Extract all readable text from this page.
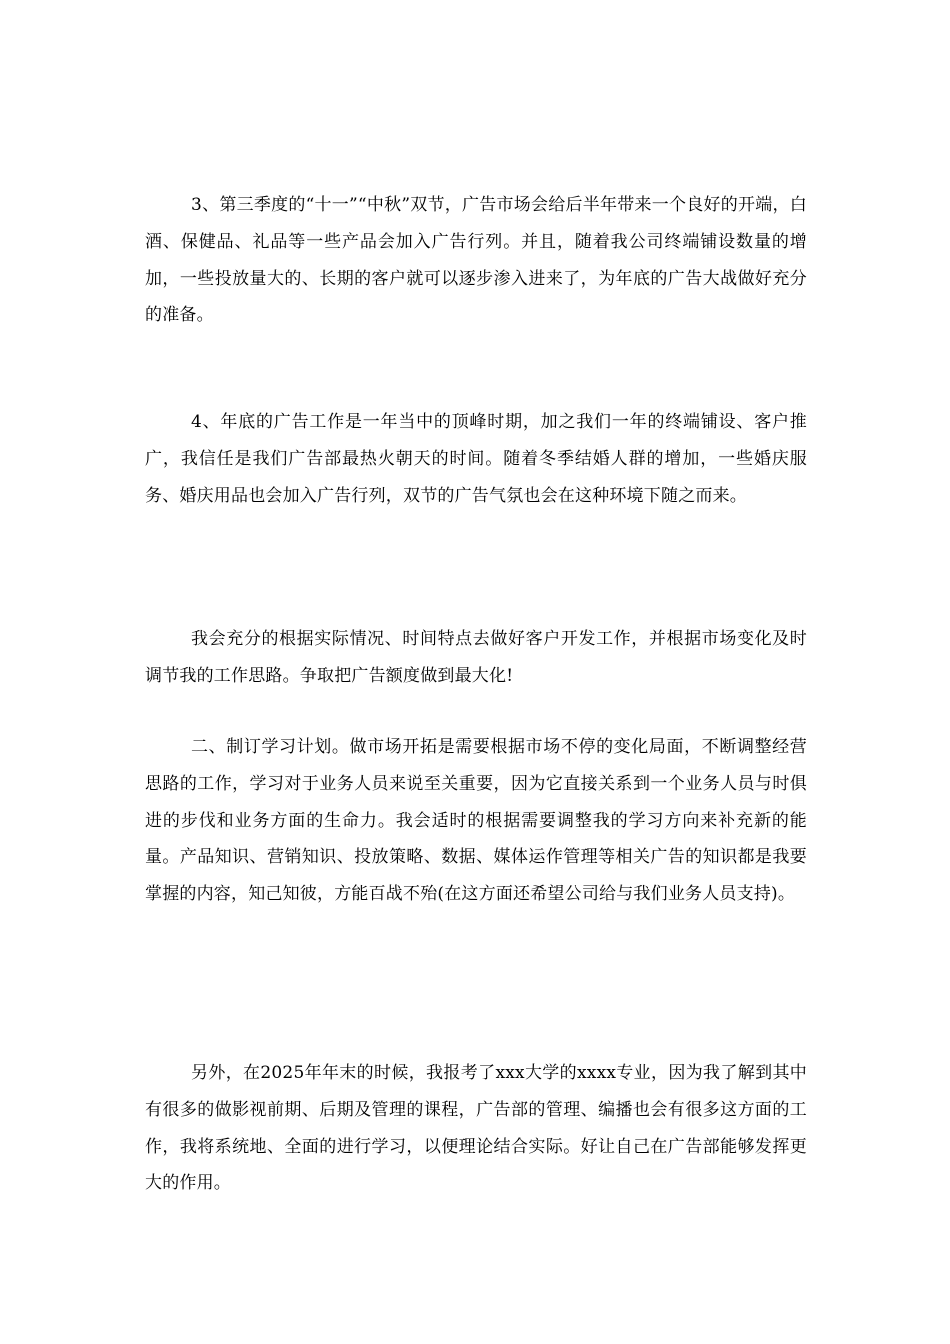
3、第三季度的“十一”“中秋”双节，广告市场会给后半年带来一个良好的开端，白酒、保健品、礼品等一些产品会加入广告行列。并且，随着我公司终端铺设数量的增加，一些投放量大的、长期的客户就可以逐步渗入进来了，为年底的广告大战做好充分的准备。

4、年底的广告工作是一年当中的顶峰时期，加之我们一年的终端铺设、客户推广，我信任是我们广告部最热火朝天的时间。随着冬季结婚人群的增加，一些婚庆服务、婚庆用品也会加入广告行列，双节的广告气氛也会在这种环境下随之而来。

我会充分的根据实际情况、时间特点去做好客户开发工作，并根据市场变化及时调节我的工作思路。争取把广告额度做到最大化!

二、制订学习计划。做市场开拓是需要根据市场不停的变化局面，不断调整经营思路的工作，学习对于业务人员来说至关重要，因为它直接关系到一个业务人员与时俱进的步伐和业务方面的生命力。我会适时的根据需要调整我的学习方向来补充新的能量。产品知识、营销知识、投放策略、数据、媒体运作管理等相关广告的知识都是我要掌握的内容，知己知彼，方能百战不殆(在这方面还希望公司给与我们业务人员支持)。

另外，在2025年年末的时候，我报考了xxx大学的xxxx专业，因为我了解到其中有很多的做影视前期、后期及管理的课程，广告部的管理、编播也会有很多这方面的工作，我将系统地、全面的进行学习，以便理论结合实际。好让自己在广告部能够发挥更大的作用。
